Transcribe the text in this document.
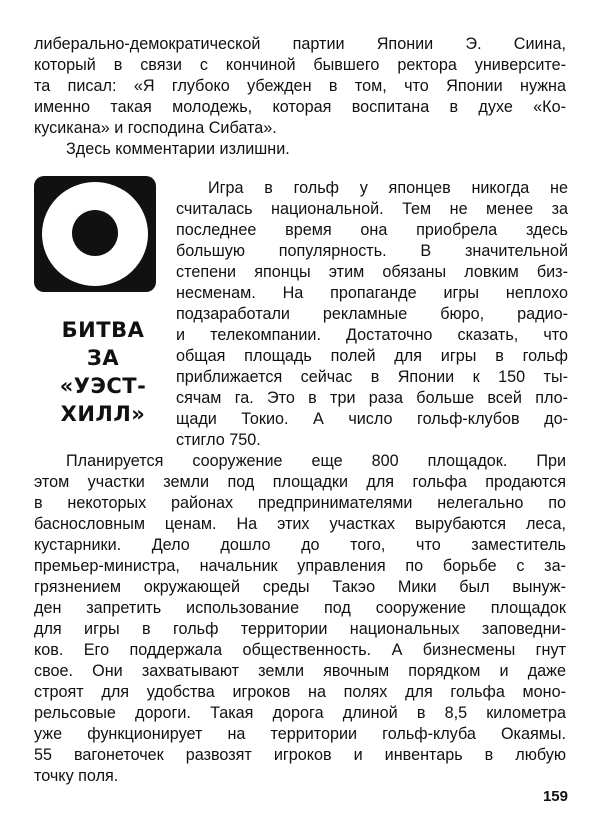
либерально-демократической партии Японии Э. Сиина,
который в связи с кончиной бывшего ректора университе-
та писал: «Я глубоко убежден в том, что Японии нужна
именно такая молодежь, которая воспитана в духе «Ко-
кусикана» и господина Сибата».
Здесь комментарии излишни.
БИТВА
ЗА
«УЭСТ-
ХИЛЛ»
Игра в гольф у японцев никогда не
считалась национальной. Тем не менее за
последнее время она приобрела здесь
большую популярность. В значительной
степени японцы этим обязаны ловким биз-
несменам. На пропаганде игры неплохо
подзаработали рекламные бюро, радио-
и телекомпании. Достаточно сказать, что
общая площадь полей для игры в гольф
приближается сейчас в Японии к 150 ты-
сячам га. Это в три раза больше всей пло-
щади Токио. А число гольф-клубов до-
стигло 750.
Планируется сооружение еще 800 площадок. При
этом участки земли под площадки для гольфа продаются
в некоторых районах предпринимателями нелегально по
баснословным ценам. На этих участках вырубаются леса,
кустарники. Дело дошло до того, что заместитель
премьер-министра, начальник управления по борьбе с за-
грязнением окружающей среды Такэо Мики был вынуж-
ден запретить использование под сооружение площадок
для игры в гольф территории национальных заповедни-
ков. Его поддержала общественность. А бизнесмены гнут
свое. Они захватывают земли явочным порядком и даже
строят для удобства игроков на полях для гольфа моно-
рельсовые дороги. Такая дорога длиной в 8,5 километра
уже функционирует на территории гольф-клуба Окаямы.
55 вагонеточек развозят игроков и инвентарь в любую
точку поля.
159
